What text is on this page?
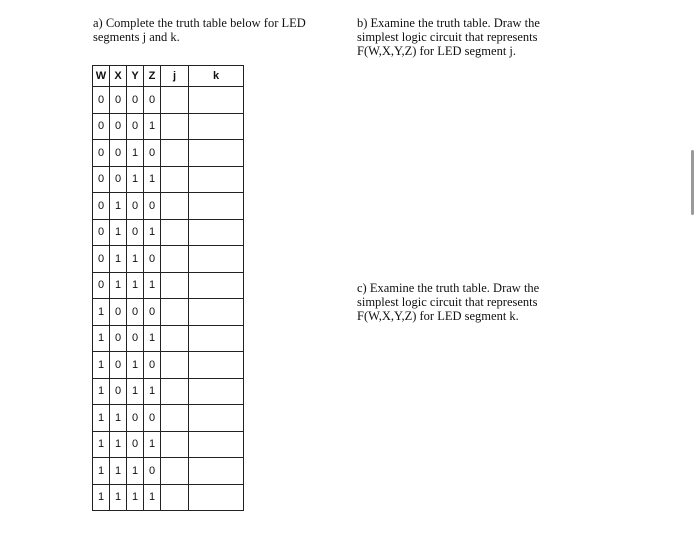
a) Complete the truth table below for LED
segments j and k.
b) Examine the truth table. Draw the
simplest logic circuit that represents
F(W,X,Y,Z) for LED segment j.
c) Examine the truth table. Draw the
simplest logic circuit that represents
F(W,X,Y,Z) for LED segment k.
W	X	Y	Z	j	k
0	0	0	0		
0	0	0	1		
0	0	1	0		
0	0	1	1		
0	1	0	0		
0	1	0	1		
0	1	1	0		
0	1	1	1		
1	0	0	0		
1	0	0	1		
1	0	1	0		
1	0	1	1		
1	1	0	0		
1	1	0	1		
1	1	1	0		
1	1	1	1		
